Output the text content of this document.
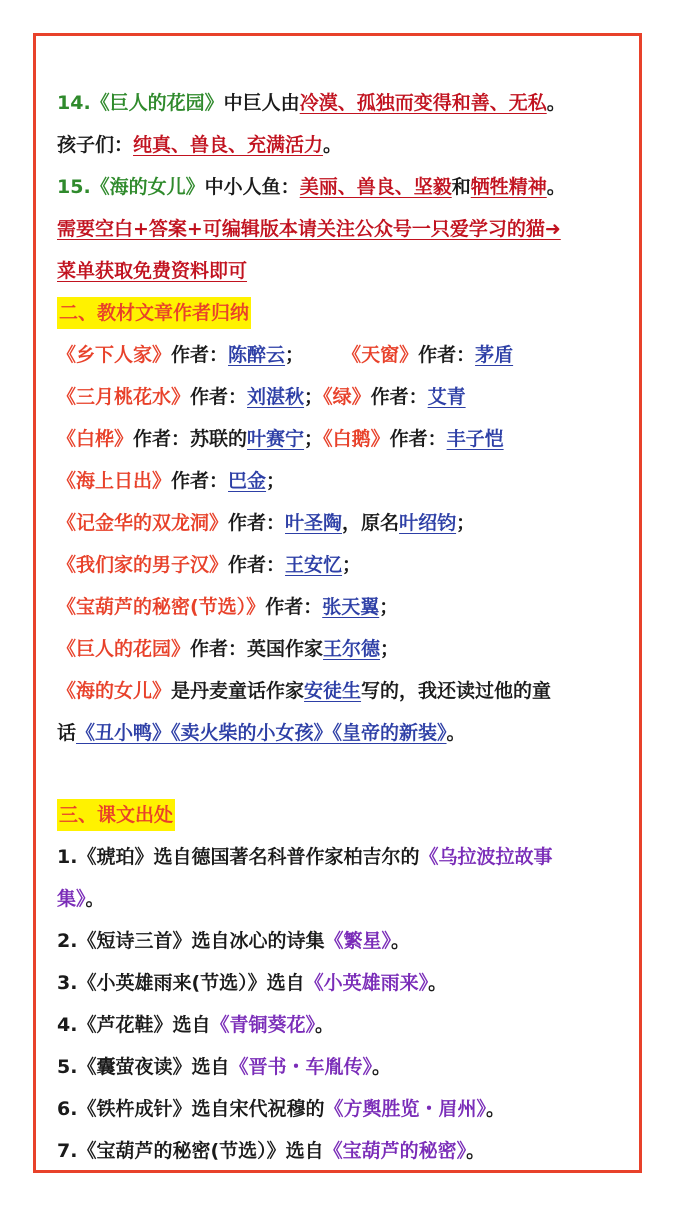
14.《巨人的花园》中巨人由冷漠、孤独而变得和善、无私。
孩子们：纯真、兽良、充满活力。
15.《海的女儿》中小人鱼：美丽、兽良、坚毅和牺牲精神。
需要空白+答案+可编辑版本请关注公众号一只爱学习的猫➜
菜单获取免费资料即可
二、教材文章作者归纳
《乡下人家》作者：陈醉云； 《天窗》作者：茅盾
《三月桃花水》作者：刘湛秋；《绿》作者：艾青
《白桦》作者：苏联的叶赛宁；《白鹅》作者：丰子恺
《海上日出》作者：巴金；
《记金华的双龙洞》作者：叶圣陶，原名叶绍钧；
《我们家的男子汉》作者：王安忆；
《宝葫芦的秘密(节选）》作者：张天翼；
《巨人的花园》作者：英国作家王尔德；
《海的女儿》是丹麦童话作家安徒生写的，我还读过他的童
话《丑小鸭》《卖火柴的小女孩》《皇帝的新装》。
三、课文出处
1.《琥珀》选自德国著名科普作家柏吉尔的《乌拉波拉故事
集》。
2.《短诗三首》选自冰心的诗集《繁星》。
3.《小英雄雨来(节选）》选自《小英雄雨来》。
4.《芦花鞋》选自《青铜葵花》。
5.《囊萤夜读》选自《晋书・车胤传》。
6.《铁杵成针》选自宋代祝穆的《方舆胜览・眉州》。
7.《宝葫芦的秘密(节选）》选自《宝葫芦的秘密》。
